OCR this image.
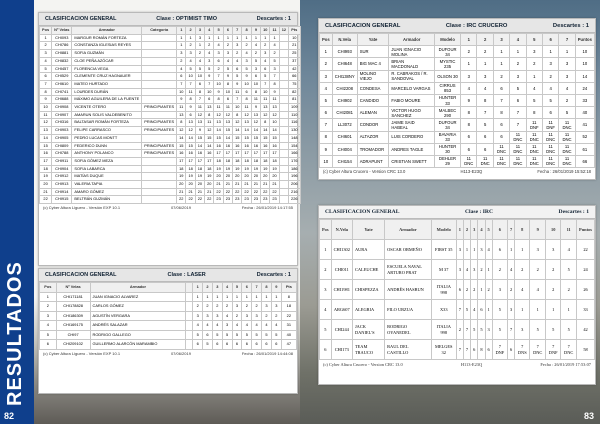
RESULTADOS
82	83
CLASIFICACION GENERAL	Clase : OPTIMIST TIMO	Descartes : 1
Pos	Nº Velas	Armador	Categoría	1	2	3	4	5	6	7	8	9	10	11	12	Pts
1	CHI093	MARGUR ROMÁN FORTEZA		1	1	3	1	1	1	1	1	1	1	1		10
2	CHI786	CONSTANZA IGLESIAS REYES		1	2	1	2	4	2	3	2	4	2	4		21
3	CHI881	SOFIA GUZMÁN		3	3	2	4	3	3	2	4	2	3	2		25
4	CHI832	CLOE PEÑA AZÓCAR		2	4	4	3	6	4	4	3	5	4	5		37
5	CHI457	FLORENCIA VEGA		4	5	5	5	2	5	6	5	3	6	3		42
6	CHI529	CLEMENTE CRUZ HAGNAUER		6	10	10	9	7	9	5	9	6	5	7		66
7	CHI610	MATEO HURTADO		7	7	6	7	10	8	9	10	10	7	8		75
8	CHI741	LOURDES DURÁN		10	11	8	10	9	10	11	6	8	10	9		82
9	CHI688	MÁXIMO AGUILERA DE LA FUENTE		9	8	7	6	8	6	7	8	11	11	11		81
10	CHI908	VICENTE OTERO	PRINCIPIANTES	11	9	11	13	11	11	10	11	9	13	13		109
11	CHI907	AMARUN SOLIS VALDEBENITO		13	6	12	8	12	12	8	12	13	12	12		110
12	CHI316	BALTASAR ROMÁN FORTEZA	PRINCIPIANTES	8	13	13	11	13	13	12	13	12	8	10		116
13	CHI903	FELIPE CARRASCO	PRINCIPIANTES	12	12	9	12	14	15	14	14	14	14	14		130
14	CHI905	PEDRO LUCAS MONTT		14	14	15	15	15	14	15	15	15	15	15		148
15	CHI809	FEDERICO DUNN	PRINCIPIANTES	15	15	14	14	16	16	16	16	16	16	16		154
16	CHI788	ANTHONY POLANCO	PRINCIPIANTES	16	16	16	16	17	17	17	17	17	17	17		166
17	CHI911	SOFIA GÓMEZ MEZA		17	17	17	17	18	18	18	18	18	18	18		176
18	CHI904	SOFIA LABARCA		18	18	18	18	19	19	19	19	19	19	19		186
19	CHI912	MATÍAS DUQUE		19	19	19	19	20	20	20	20	20	20	20		196
20	CHI913	VALERIA TAPIA		20	20	20	20	21	21	21	21	21	21	21		206
21	CHI914	AMARO GÓMEZ		21	21	21	21	22	22	22	22	22	22	22		216
22	CHI915	BELTRÁN GUZMÁN		22	22	22	22	23	23	23	23	23	23	23		226
(c) Cyber Altura Liguero - Versión EXP 10.1	07/06/2019	Fecha : 26/01/2019 14:17:55
CLASIFICACION GENERAL	Clase : LASER	Descartes : 1
Pos	Nº Velas	Armador		1	2	3	4	5	6	7	8	9	Pts
1	CHI171181	JUAN IGNACIO ALVAREZ		1	1	1	1	1	1	1	1	1	8
2	CHI178828	CARLOS GÓMEZ		2	2	2	2	3	2	2	3	3	18
3	CHI186309	AGUSTÍN VERGARA		3	3	3	4	2	3	3	2	2	22
4	CHI169175	ANDRÉS SALAZAR		4	4	4	3	4	4	4	4	4	31
5	CHI97	RODRIGO GALLEGO		5	6	5	5	5	5	5	5	5	40
6	CHI209102	GUILLERMO ALARCÓN MARAMBIO		6	5	6	6	6	6	6	6	6	47
(c) Cyber Altura Liguero - Versión EXP 10.1	07/06/2019	Fecha : 26/01/2019 14:44:08
CLASIFICACION GENERAL	Clase : IRC CRUCERO	Descartes : 1
Pos	N.Vela	Yate	Armador	Modelo	1	2	3	4	5	6	7	Puntos
1	CHI993	SUR	JUAN IGNACIO MOLINA	DUFOUR 34	2	2	1	1	3	1	1	10
2	CHI648	BIG MAC 4	BRIAN MACDONALD	MYSTIC 235	1	1	1	2	2	3	3	10
3	CHI138NY	MOLINO VIEJO	R. CABRAKOS / R. SANDOVAL	OLSON 30	3	3	2	3	1	2	3	14
4	CHI2208	CONDESA	MARCELO VARGAS	CIRRUS 853	4	4	6	5	4	4	4	24
5	CHI902	CANDIDO	FABIO MOURE	HUNTER 33	9	8	7	6	5	5	2	33
6	CHI2081	ALEMAN	VICTOR HUGO SANCHEZ	MALBEC 290	8	7	8	7	8	6	5	40
7	LL3072	CONDOR	JAIME SAID HABEAL	DUFOUR 34	8	5	6	7	11 DNF	11 DNF	11 DNC	41
8	CHI601	ALTAZOR	LUIS CORDERO	BAVARIA 33	6	6	6	11 DNC	11 DNC	11 DNC	11 DNC	52
9	CHI004	TROMADOR	ANDRES TAGLE	HUNTER 30	6	6	11 DNC	11 DNC	11 DNC	11 DNC	11 DNC	61
10	CHI154	ADRAPUNT	CRISTIAN SWETT	DEHLER 29	11 DNC	11 DNC	11 DNC	11 DNC	11 DNC	11 DNC	11 DNC	66
(c) Cyber Altura Crucero - Version CRC 13.0	H113-E23Q	Fecha : 26/01/2019 15:52:18
CLASIFICACION GENERAL	Clase : IRC	Descartes : 1
Pos	N.Vela	Yate	Armador	Modelo	1	2	3	4	5	6	7	8	9	10	11	Puntos
1	CHI1302	AURA	OSCAR ORMEÑO	FIRST 35	3	1	1	3	4	6	1	1	3	3	4	22
2	CHI011	CALEUCHE	ESCUELA NAVAL ARTURO PRAT	M 37	3	4	3	2	1	2	4	2	2	2	5	24
3	CHI1981	CHISPEZZA	ANDRÉS HASBUN	ITALIA 998	6	2	2	1	2	3	2	4	4	2	2	26
4	ARG607	ALEGRIA	FILO URZUA	X33	7	5	4	6	1	5	3	1	1	1	1	33
5	CHI244	JACK DANIEL'S	RODRIGO OYANEDEL	ITALIA 998	2	7	5	5	3	5	7	3	5	5	5	42
6	CHI173	TEAM TRAUCO	RAUL DEL CASTILLO	MELGES 32	7	7	6	8	6	7 DNF	6	7 DNS	7 DNC	7 DNF	7 DNC	58
(c) Cyber Altura Crucero - Version CRC 13.0	H113-E23Q	Fecha : 26/01/2019 17:53:07
